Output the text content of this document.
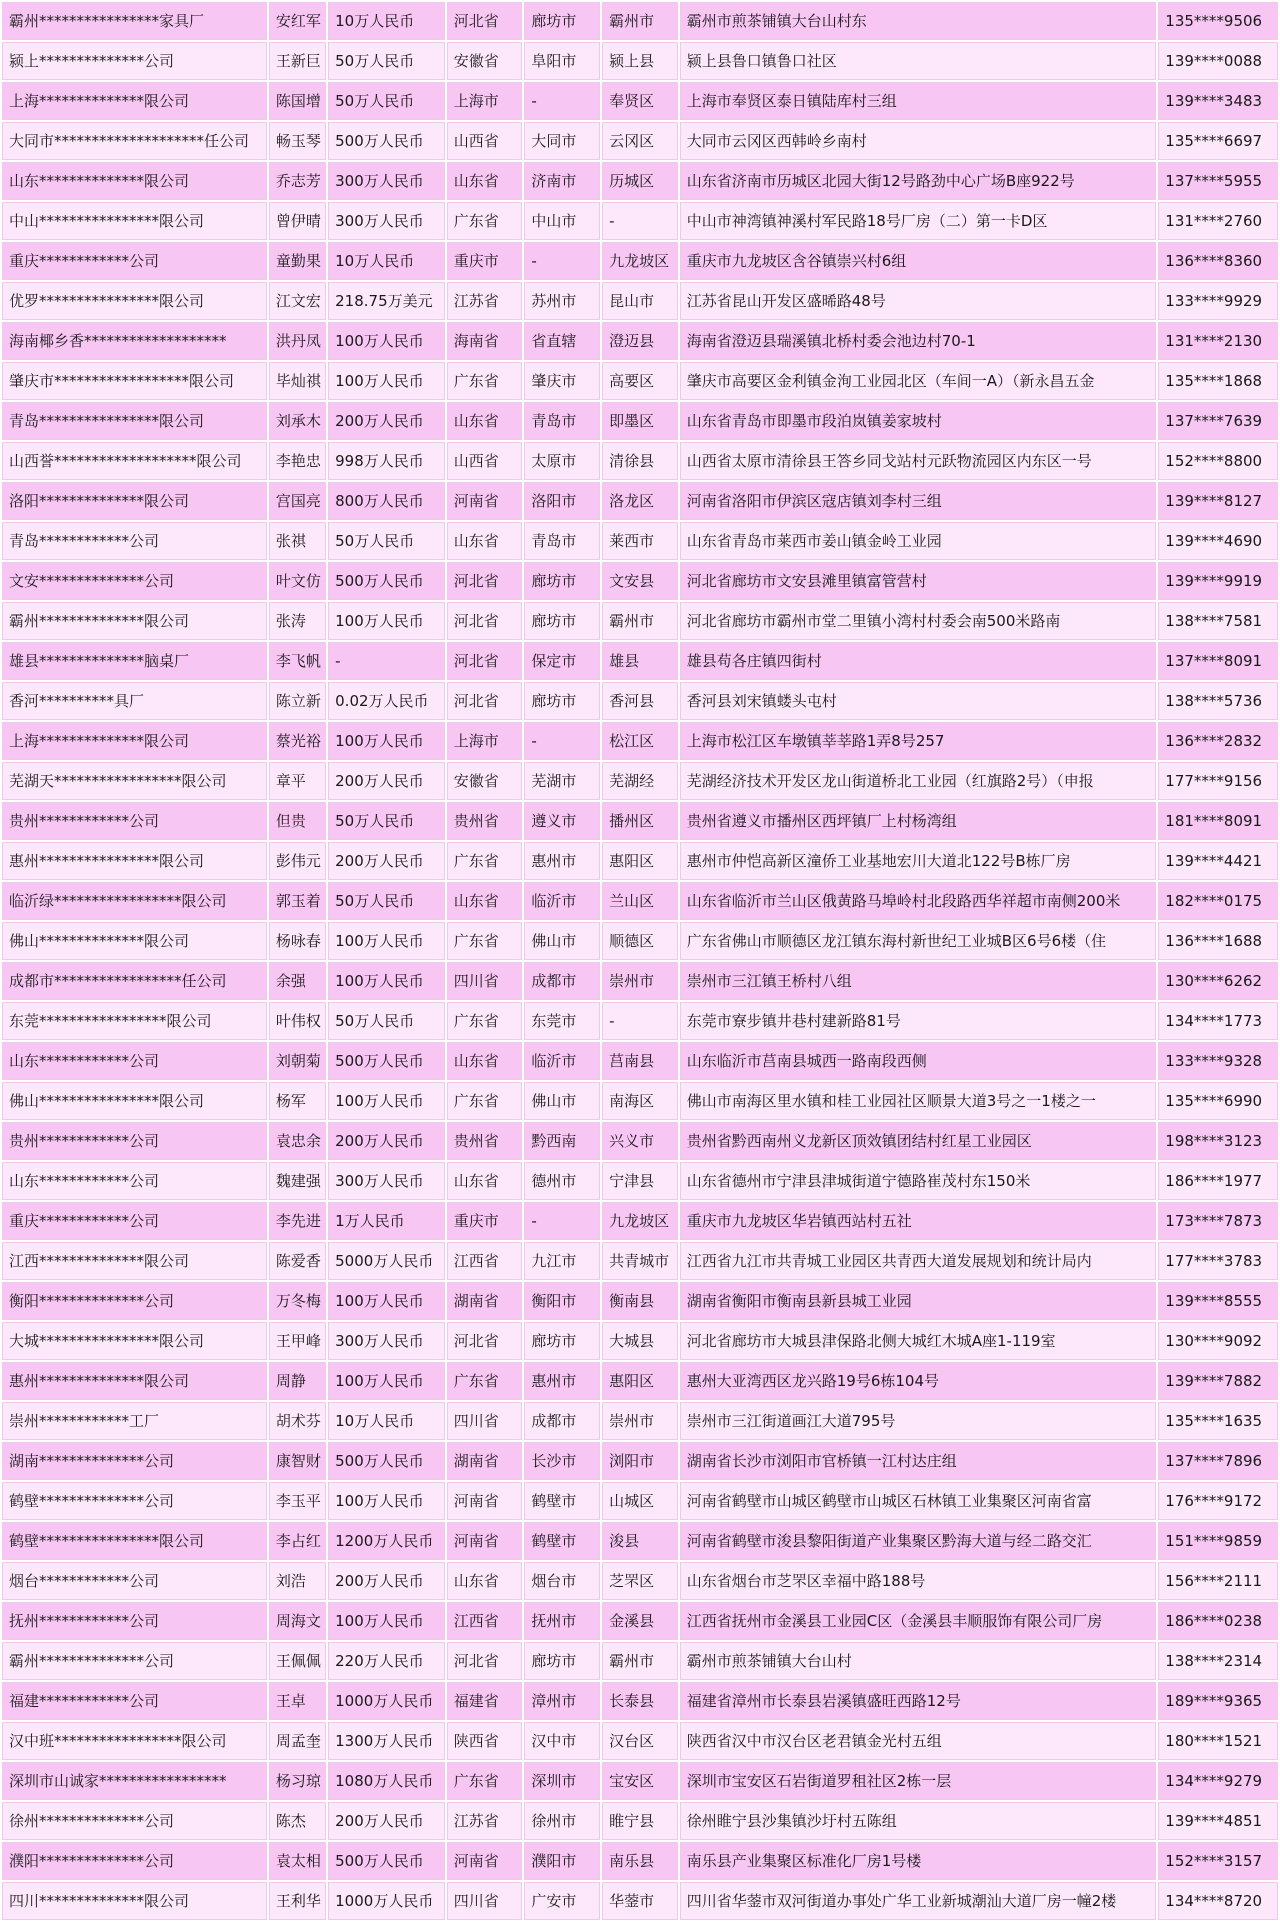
霸州****************家具厂	安红军	10万人民币	河北省	廊坊市	霸州市	霸州市煎茶铺镇大台山村东	135****9506
颍上**************公司	王新巨	50万人民币	安徽省	阜阳市	颍上县	颍上县鲁口镇鲁口社区	139****0088
上海**************限公司	陈国增	50万人民币	上海市	-	奉贤区	上海市奉贤区泰日镇陆库村三组	139****3483
大同市********************任公司	畅玉琴	500万人民币	山西省	大同市	云冈区	大同市云冈区西韩岭乡南村	135****6697
山东**************限公司	乔志芳	300万人民币	山东省	济南市	历城区	山东省济南市历城区北园大街12号路劲中心广场B座922号	137****5955
中山****************限公司	曾伊晴	300万人民币	广东省	中山市	-	中山市神湾镇神溪村军民路18号厂房（二）第一卡D区	131****2760
重庆************公司	童勤果	10万人民币	重庆市	-	九龙坡区	重庆市九龙坡区含谷镇崇兴村6组	136****8360
优罗****************限公司	江文宏	218.75万美元	江苏省	苏州市	昆山市	江苏省昆山开发区盛晞路48号	133****9929
海南椰乡香*******************	洪丹凤	100万人民币	海南省	省直辖	澄迈县	海南省澄迈县瑞溪镇北桥村委会池边村70-1	131****2130
肇庆市******************限公司	毕灿祺	100万人民币	广东省	肇庆市	高要区	肇庆市高要区金利镇金洵工业园北区（车间一A）（新永昌五金	135****1868
青岛****************限公司	刘承木	200万人民币	山东省	青岛市	即墨区	山东省青岛市即墨市段泊岚镇姜家坡村	137****7639
山西誉*******************限公司	李艳忠	998万人民币	山西省	太原市	清徐县	山西省太原市清徐县王答乡同戈站村元跃物流园区内东区一号	152****8800
洛阳**************限公司	宫国亮	800万人民币	河南省	洛阳市	洛龙区	河南省洛阳市伊滨区寇店镇刘李村三组	139****8127
青岛************公司	张祺	50万人民币	山东省	青岛市	莱西市	山东省青岛市莱西市姜山镇金岭工业园	139****4690
文安**************公司	叶文仿	500万人民币	河北省	廊坊市	文安县	河北省廊坊市文安县滩里镇富管营村	139****9919
霸州**************限公司	张涛	100万人民币	河北省	廊坊市	霸州市	河北省廊坊市霸州市堂二里镇小湾村村委会南500米路南	138****7581
雄县**************脑桌厂	李飞帆	-	河北省	保定市	雄县	雄县苟各庄镇四街村	137****8091
香河**********具厂	陈立新	0.02万人民币	河北省	廊坊市	香河县	香河县刘宋镇蝼头屯村	138****5736
上海**************限公司	蔡光裕	100万人民币	上海市	-	松江区	上海市松江区车墩镇莘莘路1弄8号257	136****2832
芜湖天*****************限公司	章平	200万人民币	安徽省	芜湖市	芜湖经	芜湖经济技术开发区龙山街道桥北工业园（红旗路2号）（申报	177****9156
贵州************公司	但贵	50万人民币	贵州省	遵义市	播州区	贵州省遵义市播州区西坪镇厂上村杨湾组	181****8091
惠州****************限公司	彭伟元	200万人民币	广东省	惠州市	惠阳区	惠州市仲恺高新区潼侨工业基地宏川大道北122号B栋厂房	139****4421
临沂绿*****************限公司	郭玉着	50万人民币	山东省	临沂市	兰山区	山东省临沂市兰山区俄黄路马埠岭村北段路西华祥超市南侧200米	182****0175
佛山**************限公司	杨咏春	100万人民币	广东省	佛山市	顺德区	广东省佛山市顺德区龙江镇东海村新世纪工业城B区6号6楼（住	136****1688
成都市*****************任公司	余强	100万人民币	四川省	成都市	崇州市	崇州市三江镇王桥村八组	130****6262
东莞*****************限公司	叶伟权	50万人民币	广东省	东莞市	-	东莞市寮步镇井巷村建新路81号	134****1773
山东************公司	刘朝菊	500万人民币	山东省	临沂市	莒南县	山东临沂市莒南县城西一路南段西侧	133****9328
佛山****************限公司	杨军	100万人民币	广东省	佛山市	南海区	佛山市南海区里水镇和桂工业园社区顺景大道3号之一1楼之一	135****6990
贵州************公司	袁忠余	200万人民币	贵州省	黔西南	兴义市	贵州省黔西南州义龙新区顶效镇团结村红星工业园区	198****3123
山东************公司	魏建强	300万人民币	山东省	德州市	宁津县	山东省德州市宁津县津城街道宁德路崔茂村东150米	186****1977
重庆************公司	李先进	1万人民币	重庆市	-	九龙坡区	重庆市九龙坡区华岩镇西站村五社	173****7873
江西**************限公司	陈爱香	5000万人民币	江西省	九江市	共青城市	江西省九江市共青城工业园区共青西大道发展规划和统计局内	177****3783
衡阳**************公司	万冬梅	100万人民币	湖南省	衡阳市	衡南县	湖南省衡阳市衡南县新县城工业园	139****8555
大城****************限公司	王甲峰	300万人民币	河北省	廊坊市	大城县	河北省廊坊市大城县津保路北侧大城红木城A座1-119室	130****9092
惠州**************限公司	周静	100万人民币	广东省	惠州市	惠阳区	惠州大亚湾西区龙兴路19号6栋104号	139****7882
崇州************工厂	胡术芬	10万人民币	四川省	成都市	崇州市	崇州市三江街道画江大道795号	135****1635
湖南**************公司	康智财	500万人民币	湖南省	长沙市	浏阳市	湖南省长沙市浏阳市官桥镇一江村达庄组	137****7896
鹤壁**************公司	李玉平	100万人民币	河南省	鹤壁市	山城区	河南省鹤壁市山城区鹤壁市山城区石林镇工业集聚区河南省富	176****9172
鹤壁****************限公司	李占红	1200万人民币	河南省	鹤壁市	浚县	河南省鹤壁市浚县黎阳街道产业集聚区黔海大道与经二路交汇	151****9859
烟台************公司	刘浩	200万人民币	山东省	烟台市	芝罘区	山东省烟台市芝罘区幸福中路188号	156****2111
抚州************公司	周海文	100万人民币	江西省	抚州市	金溪县	江西省抚州市金溪县工业园C区（金溪县丰顺服饰有限公司厂房	186****0238
霸州**************公司	王佩佩	220万人民币	河北省	廊坊市	霸州市	霸州市煎茶铺镇大台山村	138****2314
福建************公司	王卓	1000万人民币	福建省	漳州市	长泰县	福建省漳州市长泰县岩溪镇盛旺西路12号	189****9365
汉中班*****************限公司	周孟奎	1300万人民币	陕西省	汉中市	汉台区	陕西省汉中市汉台区老君镇金光村五组	180****1521
深圳市山诚家*****************	杨习琼	1080万人民币	广东省	深圳市	宝安区	深圳市宝安区石岩街道罗租社区2栋一层	134****9279
徐州**************公司	陈杰	200万人民币	江苏省	徐州市	睢宁县	徐州睢宁县沙集镇沙圩村五陈组	139****4851
濮阳**************公司	袁太相	500万人民币	河南省	濮阳市	南乐县	南乐县产业集聚区标准化厂房1号楼	152****3157
四川**************限公司	王利华	1000万人民币	四川省	广安市	华蓥市	四川省华蓥市双河街道办事处广华工业新城潮汕大道厂房一幢2楼	134****8720
